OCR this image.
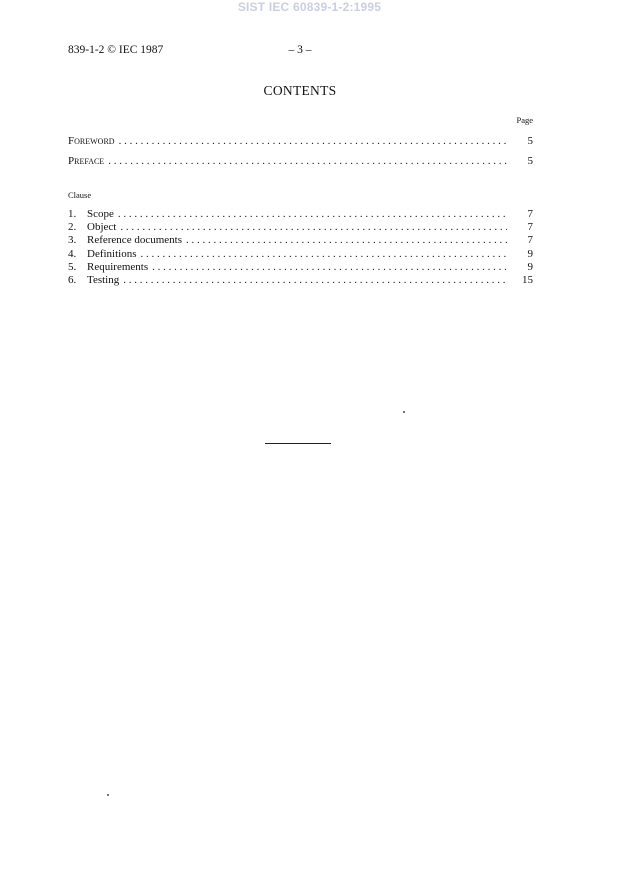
SIST IEC 60839-1-2:1995
839-1-2 © IEC 1987	– 3 –
CONTENTS
Page
Foreword . . .	5
Preface . . .	5
Clause
1. Scope . . .	7
2. Object . . .	7
3. Reference documents . . .	7
4. Definitions . . .	9
5. Requirements . . .	9
6. Testing . . .	15
